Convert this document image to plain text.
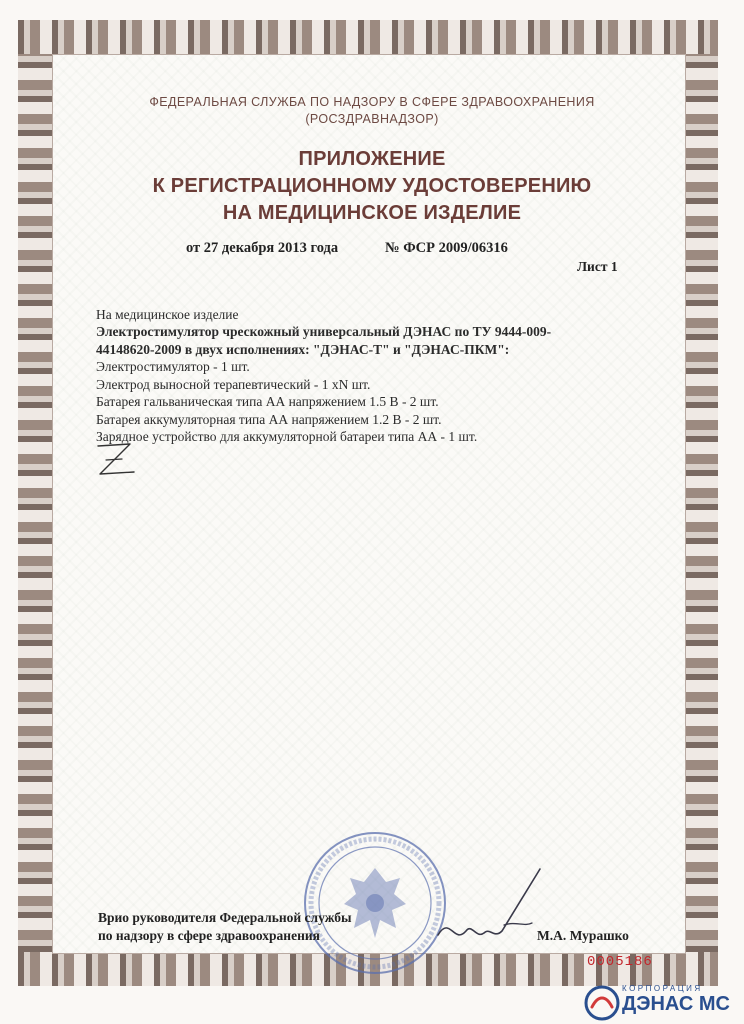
ФЕДЕРАЛЬНАЯ СЛУЖБА ПО НАДЗОРУ В СФЕРЕ ЗДРАВООХРАНЕНИЯ
(РОСЗДРАВНАДЗОР)
ПРИЛОЖЕНИЕ
К РЕГИСТРАЦИОННОМУ УДОСТОВЕРЕНИЮ
НА МЕДИЦИНСКОЕ ИЗДЕЛИЕ
от 27 декабря 2013 года	№ ФСР 2009/06316
Лист 1
На медицинское изделие
Электростимулятор чрескожный универсальный ДЭНАС по ТУ 9444-009-44148620-2009 в двух исполнениях: "ДЭНАС-Т" и "ДЭНАС-ПКМ":
Электростимулятор - 1 шт.
Электрод выносной терапевтический - 1 xN шт.
Батарея гальваническая типа АА напряжением 1.5 В - 2 шт.
Батарея аккумуляторная типа АА напряжением 1.2 В - 2 шт.
Зарядное устройство для аккумуляторной батареи типа АА - 1 шт.
Врио руководителя Федеральной службы
по надзору в сфере здравоохранения	М.А. Мурашко
0005186
КОРПОРАЦИЯ
ДЭНАС МС
